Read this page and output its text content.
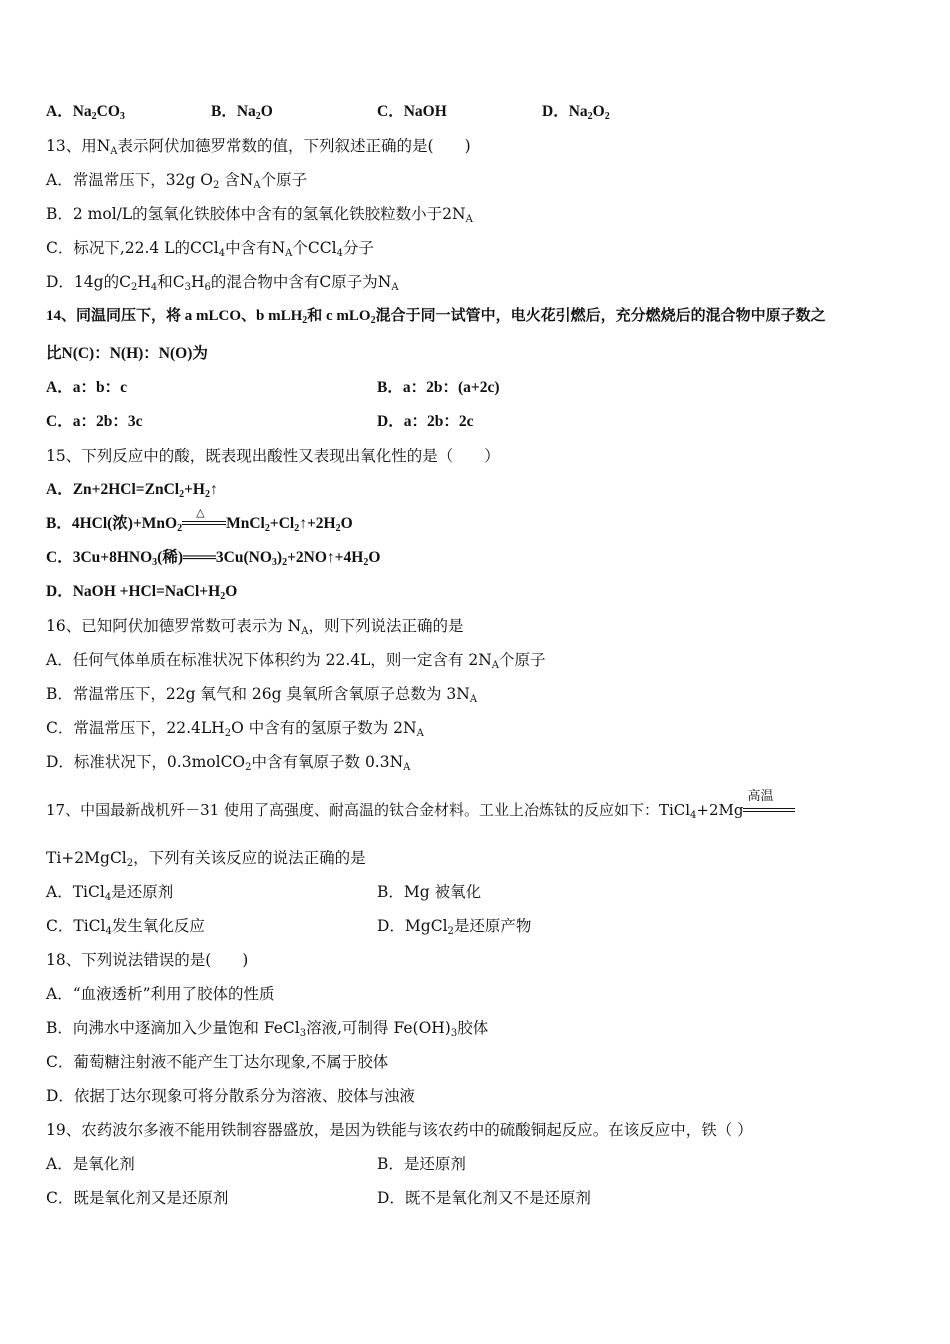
A．$Na_2CO_3$	B．$Na_2O$	C．NaOH	D．$Na_2O_2$
13、用$N_A$表示阿伏加德罗常数的值，下列叙述正确的是(　　)
A．常温常压下，32g $O_2$ 含$N_A$个原子
B．2 mol/L的氢氧化铁胶体中含有的氢氧化铁胶粒数小于$2N_A$
C．标况下,22.4 L的CCl$_4$中含有$N_A$个CCl$_4$分子
D．14g的$C_2H_4$和$C_3H_6$的混合物中含有C原子为$N_A$
14、同温同压下，将 a mLCO、b mLH$_2$和 c mLO$_2$混合于同一试管中，电火花引燃后，充分燃烧后的混合物中原子数之
比N(C)：N(H)：N(O)为
A．a：b：c	B．a：2b：(a+2c)
C．a：2b：3c	D．a：2b：2c
15、下列反应中的酸，既表现出酸性又表现出氧化性的是（　　）
A．$Zn+2HCl=ZnCl_2+H_2↑$
B．4HCl(浓)+MnO$_2$
△
$MnCl_2+Cl_2↑+2H_2O$
C．$3Cu+8HNO_3$(稀)$═══3Cu(NO_3)_2+2NO↑+4H_2O$
D．NaOH $+HCl=NaCl+H_2O$
16、已知阿伏加德罗常数可表示为 $N_A$，则下列说法正确的是
A．任何气体单质在标准状况下体积约为 22.4L，则一定含有 $2N_A$个原子
B．常温常压下，22g 氧气和 26g 臭氧所含氧原子总数为 $3N_A$
C．常温常压下，$22.4LH_2O$ 中含有的氢原子数为 $2N_A$
D．标准状况下，0.3molCO$_2$中含有氧原子数 $0.3N_A$
17、中国最新战机歼－31 使用了高强度、耐高温的钛合金材料。工业上冶炼钛的反应如下：TiCl$_4$+2Mg
高温
Ti+2MgCl$_2$，下列有关该反应的说法正确的是
A．TiCl$_4$是还原剂	B．Mg 被氧化
C．TiCl$_4$发生氧化反应	D．MgCl$_2$是还原产物
18、下列说法错误的是(　　)
A．“血液透析”利用了胶体的性质
B．向沸水中逐滴加入少量饱和 FeCl$_3$溶液,可制得 $Fe(OH)_3$胶体
C．葡萄糖注射液不能产生丁达尔现象,不属于胶体
D．依据丁达尔现象可将分散系分为溶液、胶体与浊液
19、农药波尔多液不能用铁制容器盛放，是因为铁能与该农药中的硫酸铜起反应。在该反应中，铁（ ）
A．是氧化剂	B．是还原剂
C．既是氧化剂又是还原剂	D．既不是氧化剂又不是还原剂
